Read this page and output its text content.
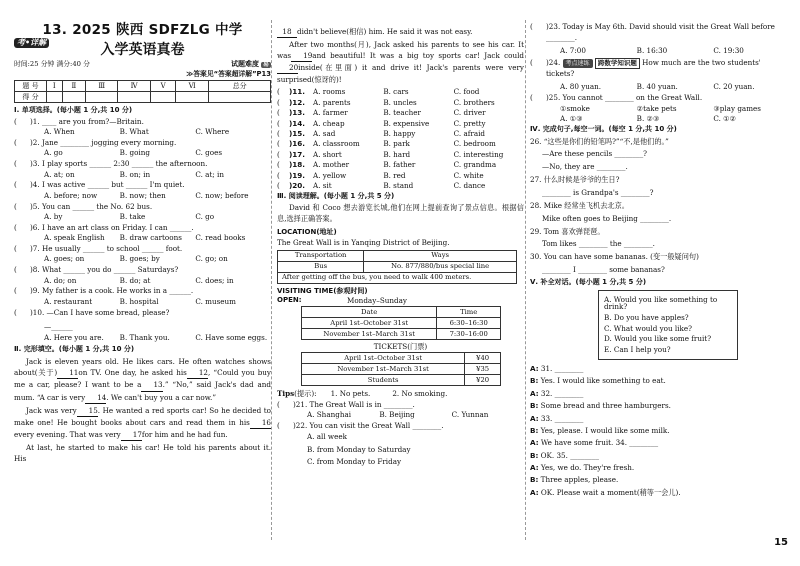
考•详解
13. 2025 陕西 SDFZLG 中学
入学英语真卷
时间:25 分钟 满分:40 分	试题难度 易
≫答案见“答案超详解”P13
题 号	Ⅰ	Ⅱ	Ⅲ	Ⅳ	Ⅴ	Ⅵ	总分
得 分							
Ⅰ. 单项选择。(每小题 1 分,共 10 分)
(	)1. ____ are you from?—Britain.
A. When	B. What	C. Where
(	)2. Jane ________ jogging every morning.
A. go	B. going	C. goes
(	)3. I play sports ______ 2:30 ______ the afternoon.
A. at; on	B. on; in	C. at; in
(	)4. I was active ______ but ______ I'm quiet.
A. before; now	B. now; then	C. now; before
(	)5. You can ______ the No. 62 bus.
A. by	B. take	C. go
(	)6. I have an art class on Friday. I can ______.
A. speak English	B. draw cartoons	C. read books
(	)7. He usually ______ to school ______ foot.
A. goes; on	B. goes; by	C. go; on
(	)8. What ______ you do ______ Saturdays?
A. do; on	B. do; at	C. does; in
(	)9. My father is a cook. He works in a ______.
A. restaurant	B. hospital	C. museum
(	)10. —Can I have some bread, please?
—______
A. Here you are.	B. Thank you.	C. Have some eggs.
Ⅱ. 完形填空。(每小题 1 分,共 10 分)
Jack is eleven years old. He likes cars. He often watches shows about(关于) 11on TV. One day, he asked his 12, “Could you buy me a car, please? I want to be a 13.” “No,” said Jack's dad and mum. “A car is very 14. We can't buy you a car now.”
Jack was very 15. He wanted a red sports car! So he decided to make one! He bought books about cars and read them in his 16every evening. That was very 17for him and he had fun.
At last, he started to make his car! He told his parents about it. His
18 didn't believe(相信) him. He said it was not easy.
After two months(月), Jack asked his parents to see his car. It was 19and beautiful! It was a big toy sports car! Jack could20inside(在里面) it and drive it! Jack's parents were very surprised(惊讶的)!
(	)11.	A. rooms	B. cars	C. food
(	)12.	A. parents	B. uncles	C. brothers
(	)13.	A. farmer	B. teacher	C. driver
(	)14.	A. cheap	B. expensive	C. pretty
(	)15.	A. sad	B. happy	C. afraid
(	)16.	A. classroom	B. park	C. bedroom
(	)17.	A. short	B. hard	C. interesting
(	)18.	A. mother	B. father	C. grandma
(	)19.	A. yellow	B. red	C. white
(	)20.	A. sit	B. stand	C. dance
Ⅲ. 阅读理解。(每小题 1 分,共 5 分)
David 和 Coco 想去游览长城,他们在网上提前查询了景点信息。根据信息,选择正确答案。
LOCATION(地址)
The Great Wall is in Yanqing District of Beijing.
Transportation	Ways
Bus	No. 877/880/bus special line
After getting off the bus, you need to walk 400 meters.	
VISITING TIME(参观时间)
OPEN:	Monday–Sunday
Date	Time
April 1st–October 31st	6:30–16:30
November 1st–March 31st	7:30–16:00
TICKETS(门票)
April 1st–October 31st	¥40
November 1st–March 31st	¥35
Students	¥20
Tips(提示): 1. No pets.	2. No smoking.
(	)21. The Great Wall is in ________.
A. Shanghai	B. Beijing	C. Yunnan
(	)22. You can visit the Great Wall ________.
A. all week
B. from Monday to Saturday
C. from Monday to Friday
(	)23. Today is May 6th. David should visit the Great Wall before ________.
A. 7:00	B. 16:30	C. 19:30
(	)24. 考点速练 跨数学知识题 How much are the two students' tickets?
A. 80 yuan.	B. 40 yuan.	C. 20 yuan.
(	)25. You cannot ________ on the Great Wall.
①smoke	②take pets	③play games
A. ①③	B. ②③	C. ①②
Ⅳ. 完成句子,每空一词。(每空 1 分,共 10 分)
26. “这些是你们的铅笔吗?”“不,是他们的。”
—Are these pencils ________?
—No, they are ________.
27. 什么时候是爷爷的生日?
________ is Grandpa's ________?
28. Mike 经常坐飞机去北京。
Mike often goes to Beijing ________.
29. Tom 喜欢弹琵琶。
Tom likes ________ the ________.
30. You can have some bananas. (变一般疑问句)
________ I ________ some bananas?
Ⅴ. 补全对话。(每小题 1 分,共 5 分)
A. Would you like something to drink?
B. Do you have apples?
C. What would you like?
D. Would you like some fruit?
E. Can I help you?
A: 31. ________
B: Yes. I would like something to eat.
A: 32. ________
B: Some bread and three hamburgers.
A: 33. ________
B: Yes, please. I would like some milk.
A: We have some fruit. 34. ________
B: OK. 35. ________
A: Yes, we do. They're fresh.
B: Three apples, please.
A: OK. Please wait a moment(稍等一会儿).
15
